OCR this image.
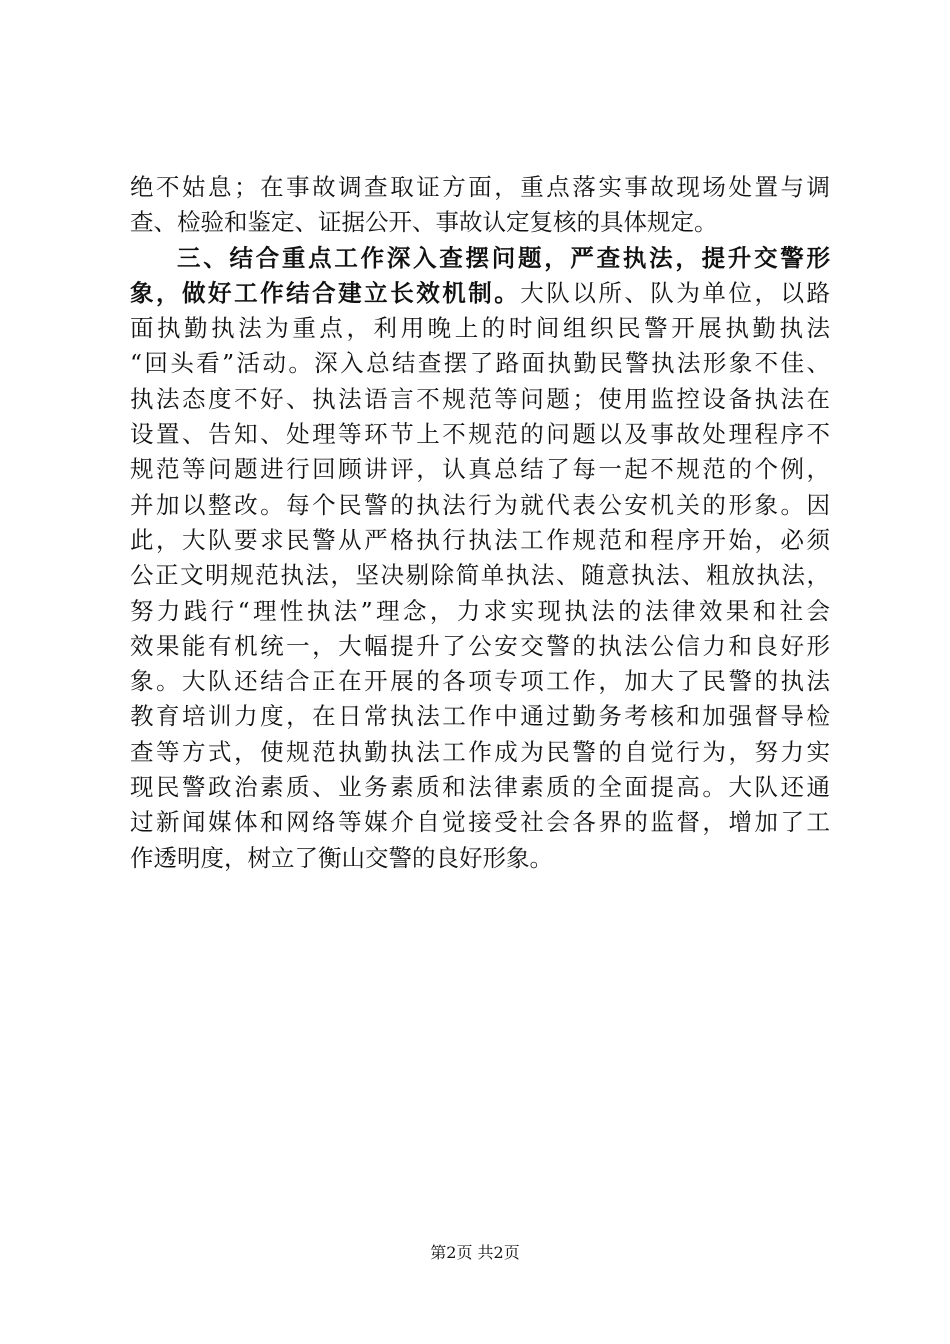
绝不姑息；在事故调查取证方面，重点落实事故现场处置与调
查、检验和鉴定、证据公开、事故认定复核的具体规定。
三、结合重点工作深入查摆问题，严查执法，提升交警形
象，做好工作结合建立长效机制。大队以所、队为单位，以路
面执勤执法为重点，利用晚上的时间组织民警开展执勤执法
“回头看”活动。深入总结查摆了路面执勤民警执法形象不佳、
执法态度不好、执法语言不规范等问题；使用监控设备执法在
设置、告知、处理等环节上不规范的问题以及事故处理程序不
规范等问题进行回顾讲评，认真总结了每一起不规范的个例，
并加以整改。每个民警的执法行为就代表公安机关的形象。因
此，大队要求民警从严格执行执法工作规范和程序开始，必须
公正文明规范执法，坚决剔除简单执法、随意执法、粗放执法，
努力践行“理性执法”理念，力求实现执法的法律效果和社会
效果能有机统一，大幅提升了公安交警的执法公信力和良好形
象。大队还结合正在开展的各项专项工作，加大了民警的执法
教育培训力度，在日常执法工作中通过勤务考核和加强督导检
查等方式，使规范执勤执法工作成为民警的自觉行为，努力实
现民警政治素质、业务素质和法律素质的全面提高。大队还通
过新闻媒体和网络等媒介自觉接受社会各界的监督，增加了工
作透明度，树立了衡山交警的良好形象。
第2页 共2页
